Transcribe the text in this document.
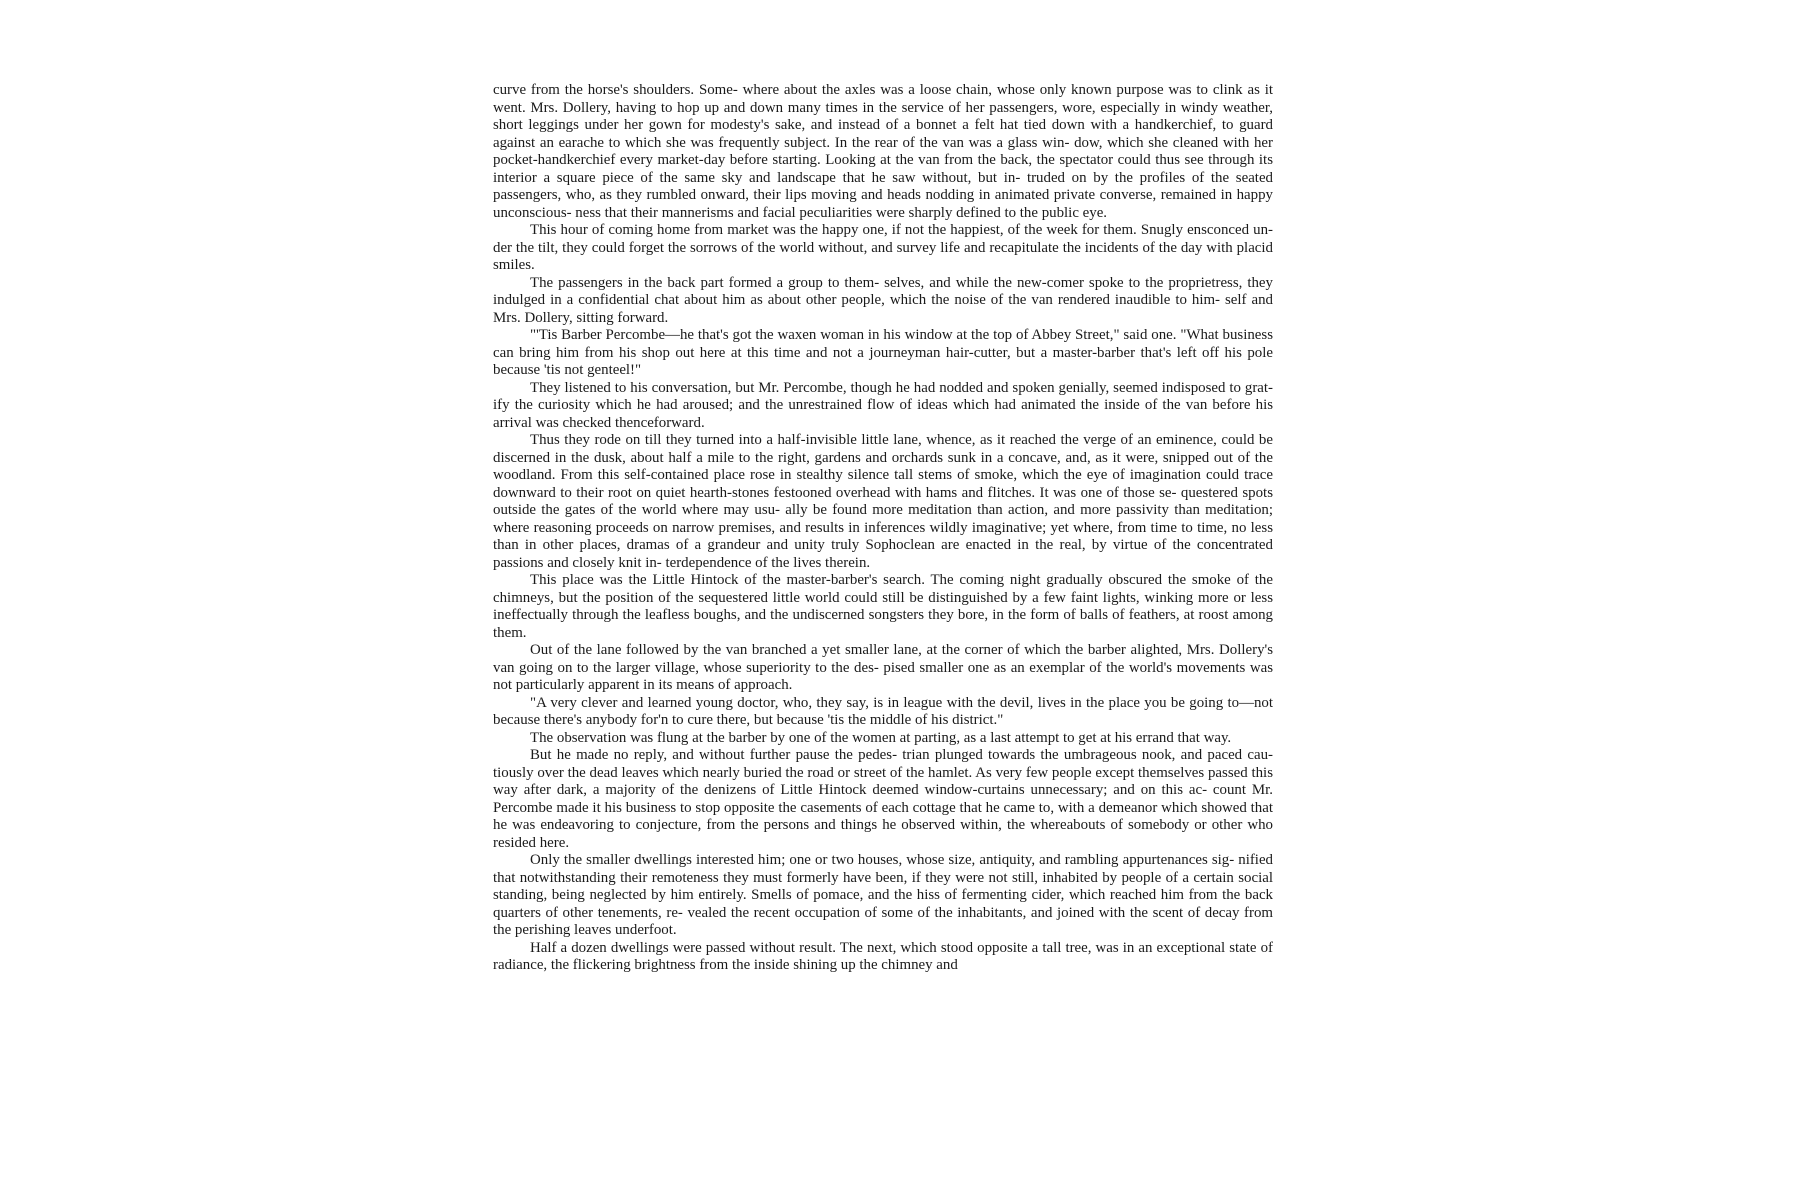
curve from the horse's shoulders. Some- where about the axles was a loose chain, whose only known purpose was to clink as it went. Mrs. Dollery, having to hop up and down many times in the service of her passengers, wore, especially in windy weather, short leggings under her gown for modesty's sake, and instead of a bonnet a felt hat tied down with a handkerchief, to guard against an earache to which she was frequently subject. In the rear of the van was a glass win- dow, which she cleaned with her pocket-handkerchief every market-day before starting. Looking at the van from the back, the spectator could thus see through its interior a square piece of the same sky and landscape that he saw without, but in- truded on by the profiles of the seated passengers, who, as they rumbled onward, their lips moving and heads nodding in animated private converse, remained in happy unconscious- ness that their mannerisms and facial peculiarities were sharply defined to the public eye.

This hour of coming home from market was the happy one, if not the happiest, of the week for them. Snugly ensconced un- der the tilt, they could forget the sorrows of the world without, and survey life and recapitulate the incidents of the day with placid smiles.

The passengers in the back part formed a group to them- selves, and while the new-comer spoke to the proprietress, they indulged in a confidential chat about him as about other people, which the noise of the van rendered inaudible to him- self and Mrs. Dollery, sitting forward.

"'Tis Barber Percombe—he that's got the waxen woman in his window at the top of Abbey Street," said one. "What business can bring him from his shop out here at this time and not a journeyman hair-cutter, but a master-barber that's left off his pole because 'tis not genteel!"

They listened to his conversation, but Mr. Percombe, though he had nodded and spoken genially, seemed indisposed to grat- ify the curiosity which he had aroused; and the unrestrained flow of ideas which had animated the inside of the van before his arrival was checked thenceforward.

Thus they rode on till they turned into a half-invisible little lane, whence, as it reached the verge of an eminence, could be discerned in the dusk, about half a mile to the right, gardens and orchards sunk in a concave, and, as it were, snipped out of the woodland. From this self-contained place rose in stealthy silence tall stems of smoke, which the eye of imagination could trace downward to their root on quiet hearth-stones festooned overhead with hams and flitches. It was one of those se- questered spots outside the gates of the world where may usu- ally be found more meditation than action, and more passivity than meditation; where reasoning proceeds on narrow premises, and results in inferences wildly imaginative; yet where, from time to time, no less than in other places, dramas of a grandeur and unity truly Sophoclean are enacted in the real, by virtue of the concentrated passions and closely knit in- terdependence of the lives therein.

This place was the Little Hintock of the master-barber's search. The coming night gradually obscured the smoke of the chimneys, but the position of the sequestered little world could still be distinguished by a few faint lights, winking more or less ineffectually through the leafless boughs, and the undiscerned songsters they bore, in the form of balls of feathers, at roost among them.

Out of the lane followed by the van branched a yet smaller lane, at the corner of which the barber alighted, Mrs. Dollery's van going on to the larger village, whose superiority to the des- pised smaller one as an exemplar of the world's movements was not particularly apparent in its means of approach.

"A very clever and learned young doctor, who, they say, is in league with the devil, lives in the place you be going to—not because there's anybody for'n to cure there, but because 'tis the middle of his district."

The observation was flung at the barber by one of the women at parting, as a last attempt to get at his errand that way.

But he made no reply, and without further pause the pedes- trian plunged towards the umbrageous nook, and paced cau- tiously over the dead leaves which nearly buried the road or street of the hamlet. As very few people except themselves passed this way after dark, a majority of the denizens of Little Hintock deemed window-curtains unnecessary; and on this ac- count Mr. Percombe made it his business to stop opposite the casements of each cottage that he came to, with a demeanor which showed that he was endeavoring to conjecture, from the persons and things he observed within, the whereabouts of somebody or other who resided here.

Only the smaller dwellings interested him; one or two houses, whose size, antiquity, and rambling appurtenances sig- nified that notwithstanding their remoteness they must formerly have been, if they were not still, inhabited by people of a certain social standing, being neglected by him entirely. Smells of pomace, and the hiss of fermenting cider, which reached him from the back quarters of other tenements, re- vealed the recent occupation of some of the inhabitants, and joined with the scent of decay from the perishing leaves underfoot.

Half a dozen dwellings were passed without result. The next, which stood opposite a tall tree, was in an exceptional state of radiance, the flickering brightness from the inside shining up the chimney and
